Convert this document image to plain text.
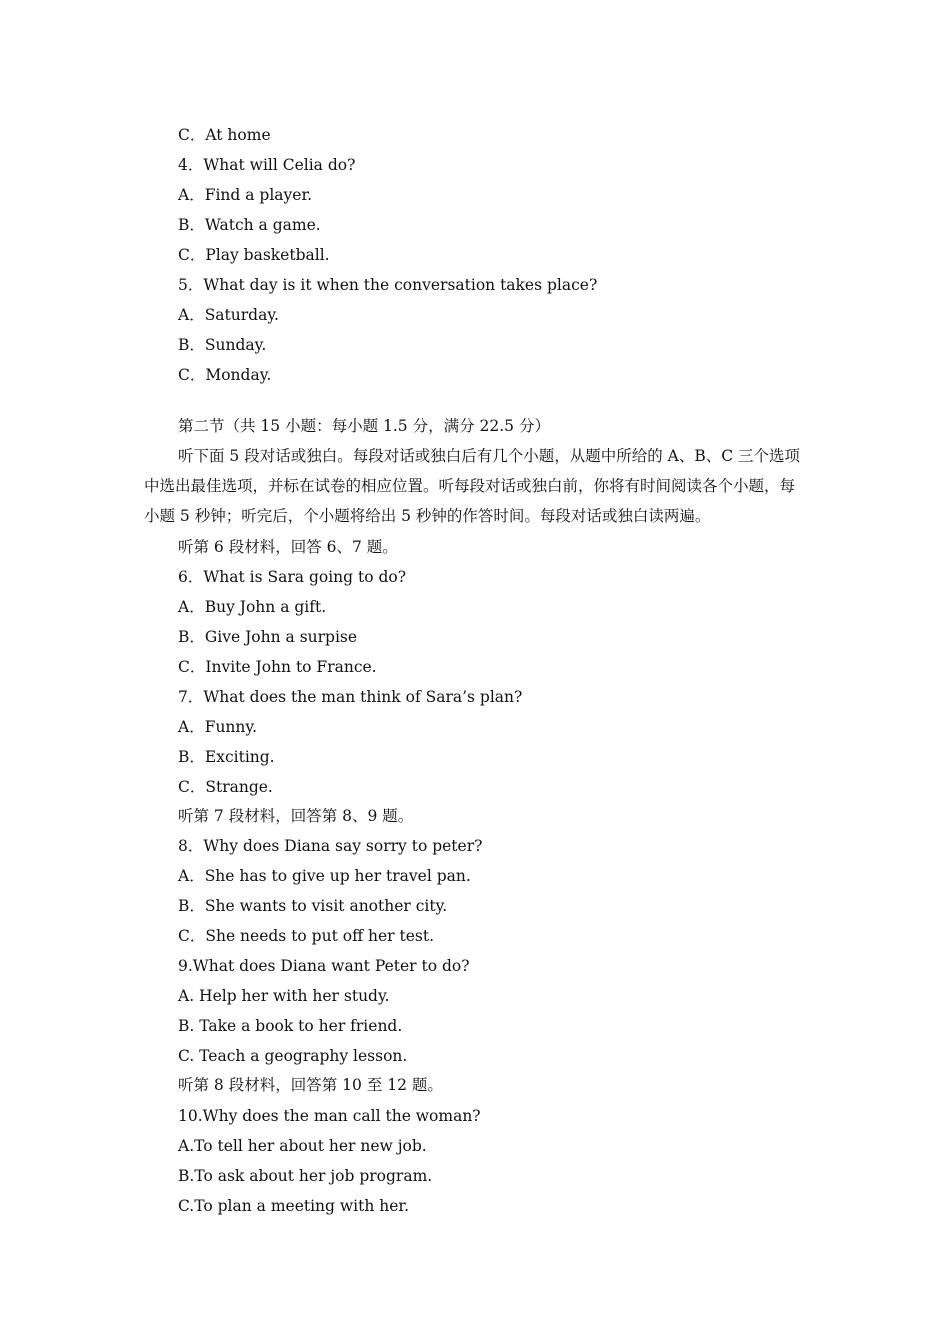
C．At home
4．What will Celia do?
A．Find a player.
B．Watch a game.
C．Play basketball.
5．What day is it when the conversation takes place?
A．Saturday.
B．Sunday.
C．Monday.
第二节（共 15 小题：每小题 1.5 分，满分 22.5 分）
听下面 5 段对话或独白。每段对话或独白后有几个小题，从题中所给的 A、B、C 三个选项中选出最佳选项，并标在试卷的相应位置。听每段对话或独白前，你将有时间阅读各个小题，每小题 5 秒钟；听完后，个小题将给出 5 秒钟的作答时间。每段对话或独白读两遍。
听第 6 段材料，回答 6、7 题。
6．What is Sara going to do?
A．Buy John a gift.
B．Give John a surpise
C．Invite John to France.
7．What does the man think of Sara’s plan?
A．Funny.
B．Exciting.
C．Strange.
听第 7 段材料，回答第 8、9 题。
8．Why does Diana say sorry to peter?
A．She has to give up her travel pan.
B．She wants to visit another city.
C．She needs to put off her test.
9.What does Diana want Peter to do?
A. Help her with her study.
B. Take a book to her friend.
C. Teach a geography lesson.
听第 8 段材料，回答第 10 至 12 题。
10.Why does the man call the woman?
A.To tell her about her new job.
B.To ask about her job program.
C.To plan a meeting with her.
